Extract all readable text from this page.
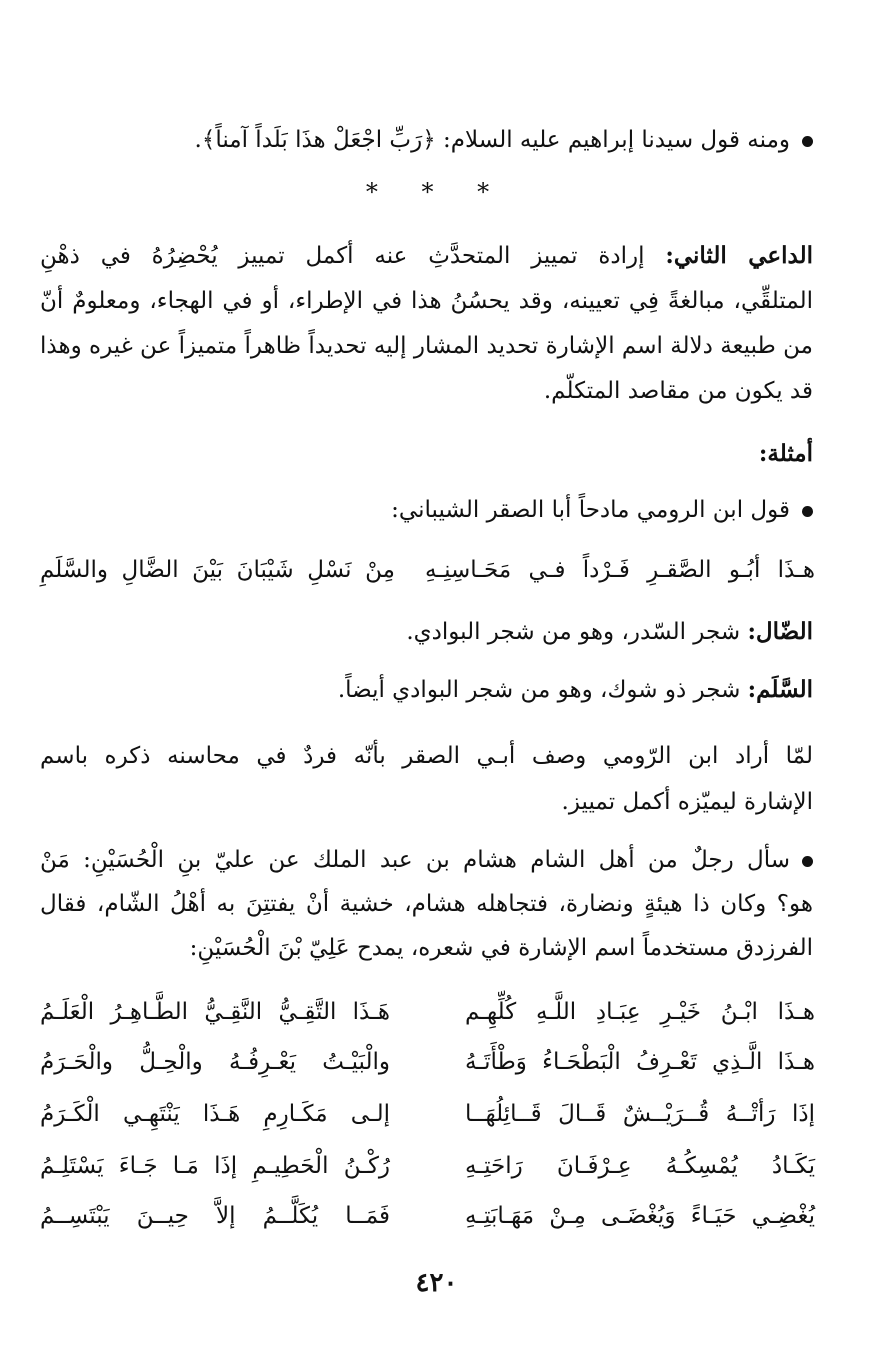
ومنه قول سيدنا إبراهيم عليه السلام: ﴿رَبِّ اجْعَلْ هذَا بَلَداً آمناً﴾.
* * *
الداعي الثاني: إرادة تمييز المتحدَّثِ عنه أكمل تمييز يُحْضِرُهُ في ذهْنِ
المتلقِّي، مبالغةً فِي تعيينه، وقد يحسُنُ هذا في الإطراء، أو في الهجاء، ومعلومٌ أنّ
من طبيعة دلالة اسم الإشارة تحديد المشار إليه تحديداً ظاهراً متميزاً عن غيره وهذا
قد يكون من مقاصد المتكلّم.
أمثلة:
قول ابن الرومي مادحاً أبا الصقر الشيباني:
هـذَا أبُـو الصَّقـرِ فَـرْداً فـي مَحَـاسِنِـهِ
مِنْ نَسْلِ شَيْبَانَ بَيْنَ الضَّالِ والسَّلَمِ
الضّال: شجر السّدر، وهو من شجر البوادي.
السَّلَم: شجر ذو شوك، وهو من شجر البوادي أيضاً.
لمّا أراد ابن الرّومي وصف أبـي الصقر بأنّه فردٌ في محاسنه ذكره باسم
الإشارة ليميّزه أكمل تمييز.
سأل رجلٌ من أهل الشام هشام بن عبد الملك عن عليّ بنِ الْحُسَيْنِ: مَنْ
هو؟ وكان ذا هيئةٍ ونضارة، فتجاهله هشام، خشية أنْ يفتتِنَ به أهْلُ الشّام، فقال
الفرزدق مستخدماً اسم الإشارة في شعره، يمدح عَلِيّ بْنَ الْحُسَيْنِ:
هـذَا ابْـنُ خَيْـرِ عِبَـادِ اللَّـهِ كُلِّهِـم
هَـذَا التَّقِـيُّ النَّقِـيُّ الطَّـاهِـرُ الْعَلَـمُ
هـذَا الَّـذِي تَعْـرِفُ الْبَطْحَـاءُ وَطْأَتَـهُ
والْبَيْـتُ يَعْـرِفُـهُ والْحِـلُّ والْحَـرَمُ
إذَا رَأتْــهُ قُــرَيْــشٌ قَــالَ قَــائِلُهَــا
إلـى مَكَـارِمِ هَـذَا يَنْتَهِـي الْكَـرَمُ
يَكَـادُ يُمْسِكُـهُ عِـرْفَـانَ رَاحَتِـهِ
رُكْـنُ الْحَطِيـمِ إذَا مَـا جَـاءَ يَسْتَلِـمُ
يُغْضِـي حَيَـاءً وَيُغْضَـى مِـنْ مَهَـابَتِـهِ
فَمَــا يُكَلَّــمُ إلاَّ حِيــنَ يَبْتَسِــمُ
٤٢٠
